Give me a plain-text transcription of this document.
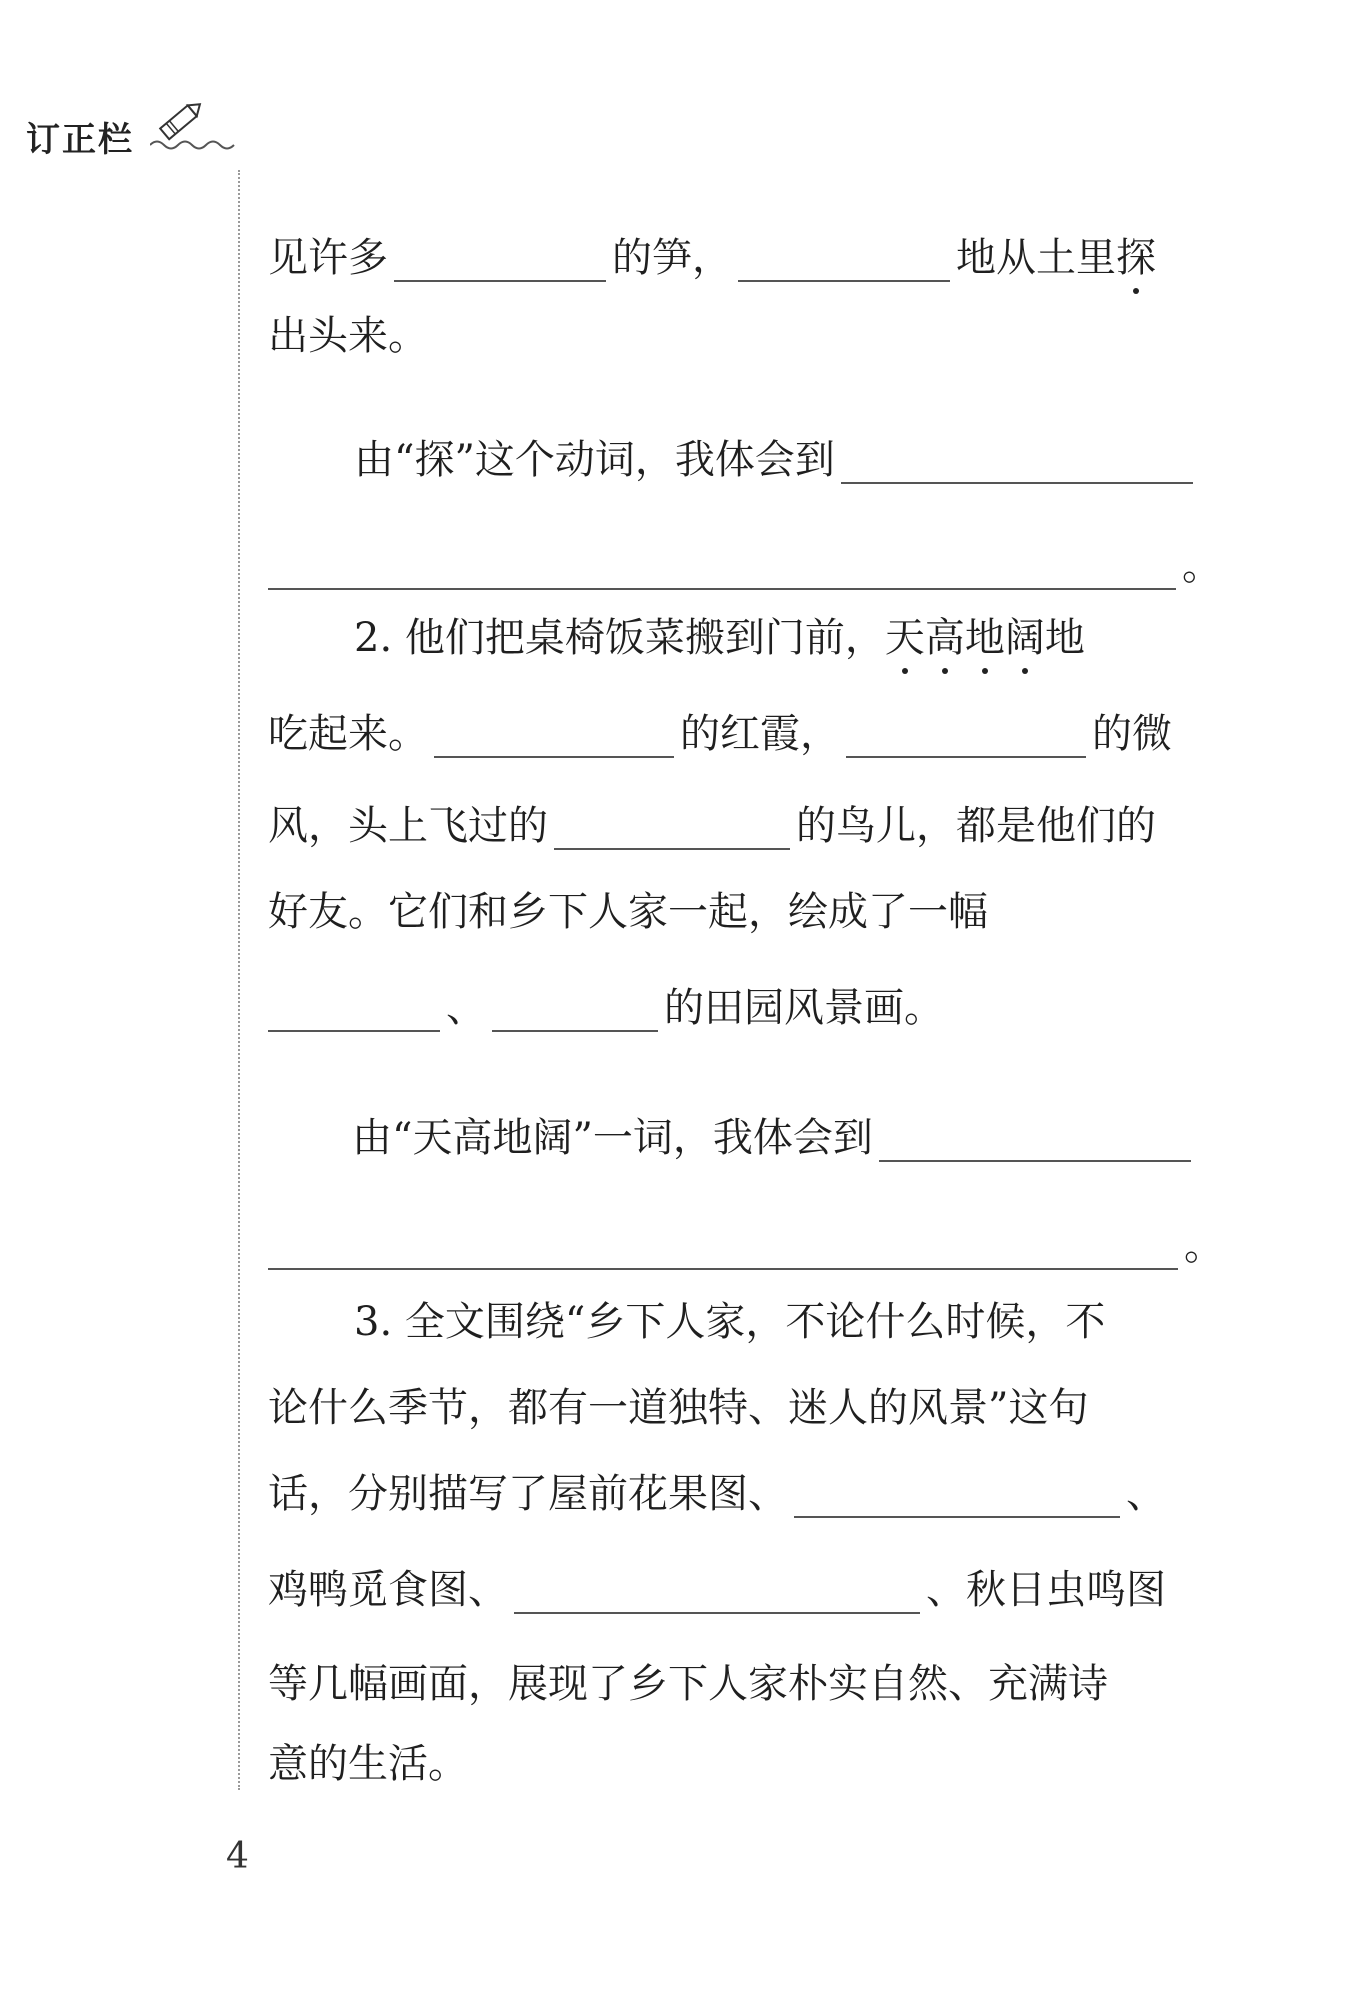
订正栏
见许多	的笋，	地从土里探
出头来。
由“探”这个动词，我体会到
。
2. 他们把桌椅饭菜搬到门前，天高地阔地
吃起来。	的红霞，	的微
风，头上飞过的	的鸟儿，都是他们的
好友。它们和乡下人家一起，绘成了一幅
、	的田园风景画。
由“天高地阔”一词，我体会到
。
3. 全文围绕“乡下人家，不论什么时候，不
论什么季节，都有一道独特、迷人的风景”这句
话，分别描写了屋前花果图、	、
鸡鸭觅食图、	、秋日虫鸣图
等几幅画面，展现了乡下人家朴实自然、充满诗
意的生活。
4
